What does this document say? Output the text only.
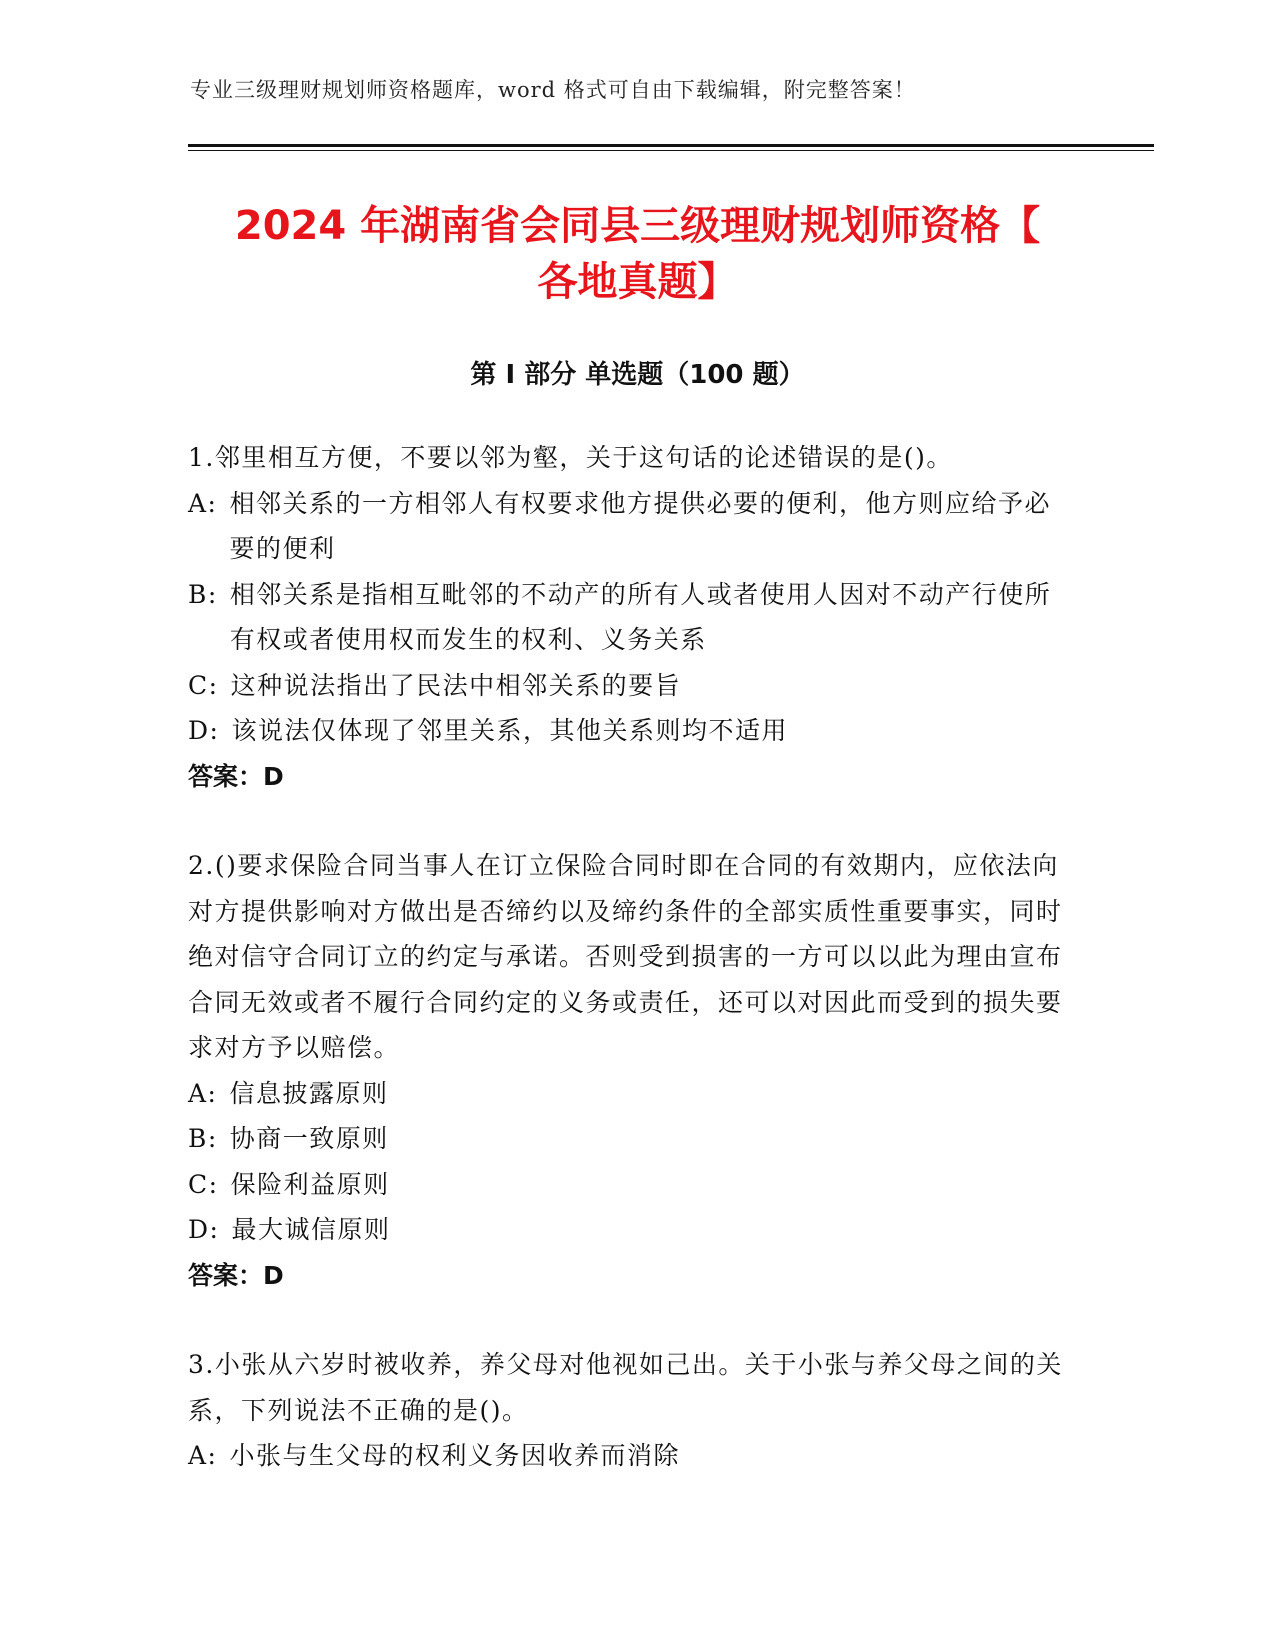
专业三级理财规划师资格题库，word 格式可自由下载编辑，附完整答案！
2024 年湖南省会同县三级理财规划师资格【
各地真题】
第 I 部分 单选题（100 题）
1.邻里相互方便，不要以邻为壑，关于这句话的论述错误的是()。
A: 相邻关系的一方相邻人有权要求他方提供必要的便利，他方则应给予必要的便利
B: 相邻关系是指相互毗邻的不动产的所有人或者使用人因对不动产行使所有权或者使用权而发生的权利、义务关系
C: 这种说法指出了民法中相邻关系的要旨
D: 该说法仅体现了邻里关系，其他关系则均不适用
答案：D
2.()要求保险合同当事人在订立保险合同时即在合同的有效期内，应依法向对方提供影响对方做出是否缔约以及缔约条件的全部实质性重要事实，同时绝对信守合同订立的约定与承诺。否则受到损害的一方可以以此为理由宣布合同无效或者不履行合同约定的义务或责任，还可以对因此而受到的损失要求对方予以赔偿。
A: 信息披露原则
B: 协商一致原则
C: 保险利益原则
D: 最大诚信原则
答案：D
3.小张从六岁时被收养，养父母对他视如己出。关于小张与养父母之间的关系，下列说法不正确的是()。
A: 小张与生父母的权利义务因收养而消除
